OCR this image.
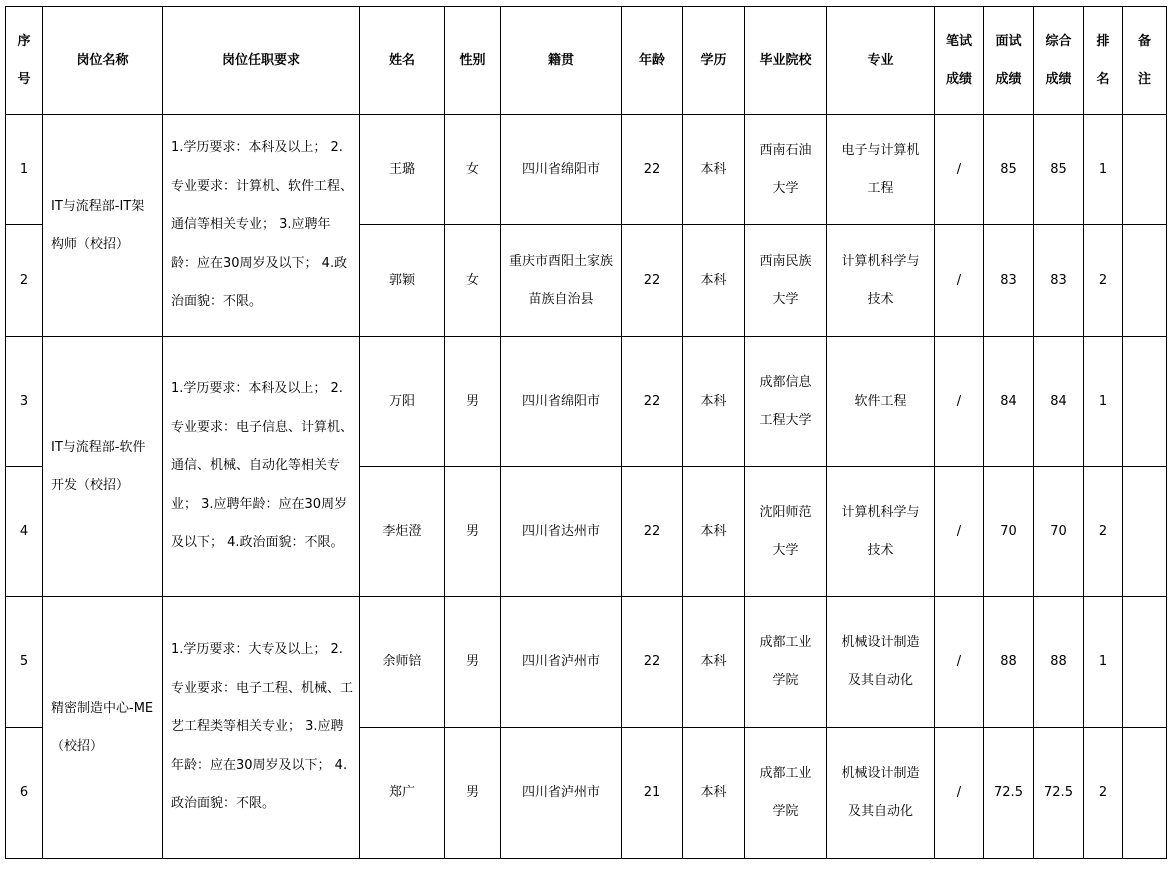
序号	岗位名称	岗位任职要求	姓名	性别	籍贯	年龄	学历	毕业院校	专业	笔试成绩	面试成绩	综合成绩	排名	备注
1	IT与流程部-IT架构师（校招）	1.学历要求：本科及以上； 2.专业要求：计算机、软件工程、通信等相关专业； 3.应聘年龄：应在30周岁及以下； 4.政治面貌：不限。	王璐	女	四川省绵阳市	22	本科	西南石油大学	电子与计算机工程	/	85	85	1	
2			郭颖	女	重庆市酉阳土家族苗族自治县	22	本科	西南民族大学	计算机科学与技术	/	83	83	2	
3	IT与流程部-软件开发（校招）	1.学历要求：本科及以上； 2.专业要求：电子信息、计算机、通信、机械、自动化等相关专业； 3.应聘年龄：应在30周岁及以下； 4.政治面貌：不限。	万阳	男	四川省绵阳市	22	本科	成都信息工程大学	软件工程	/	84	84	1	
4			李炬澄	男	四川省达州市	22	本科	沈阳师范大学	计算机科学与技术	/	70	70	2	
5	精密制造中心-ME（校招）	1.学历要求：大专及以上； 2.专业要求：电子工程、机械、工艺工程类等相关专业； 3.应聘年龄：应在30周岁及以下； 4.政治面貌：不限。	余师锫	男	四川省泸州市	22	本科	成都工业学院	机械设计制造及其自动化	/	88	88	1	
6			郑广	男	四川省泸州市	21	本科	成都工业学院	机械设计制造及其自动化	/	72.5	72.5	2	
